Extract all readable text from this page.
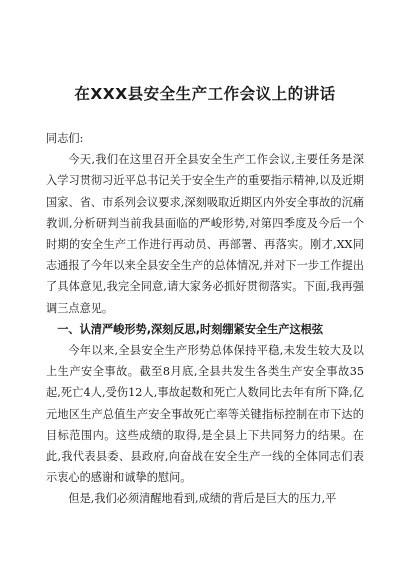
在XXX县安全生产工作会议上的讲话

同志们:

今天,我们在这里召开全县安全生产工作会议,主要任务是深入学习贯彻习近平总书记关于安全生产的重要指示精神,以及近期国家、省、市系列会议要求,深刻吸取近期区内外安全事故的沉痛教训,分析研判当前我县面临的严峻形势,对第四季度及今后一个时期的安全生产工作进行再动员、再部署、再落实。刚才,XX同志通报了今年以来全县安全生产的总体情况,并对下一步工作提出了具体意见,我完全同意,请大家务必抓好贯彻落实。下面,我再强调三点意见。

一、认清严峻形势,深刻反思,时刻绷紧安全生产这根弦

今年以来,全县安全生产形势总体保持平稳,未发生较大及以上生产安全事故。截至8月底,全县共发生各类生产安全事故35起,死亡4人,受伤12人,事故起数和死亡人数同比去年有所下降,亿元地区生产总值生产安全事故死亡率等关键指标控制在市下达的目标范围内。这些成绩的取得,是全县上下共同努力的结果。在此,我代表县委、县政府,向奋战在安全生产一线的全体同志们表示衷心的感谢和诚挚的慰问。

但是,我们必须清醒地看到,成绩的背后是巨大的压力,平
